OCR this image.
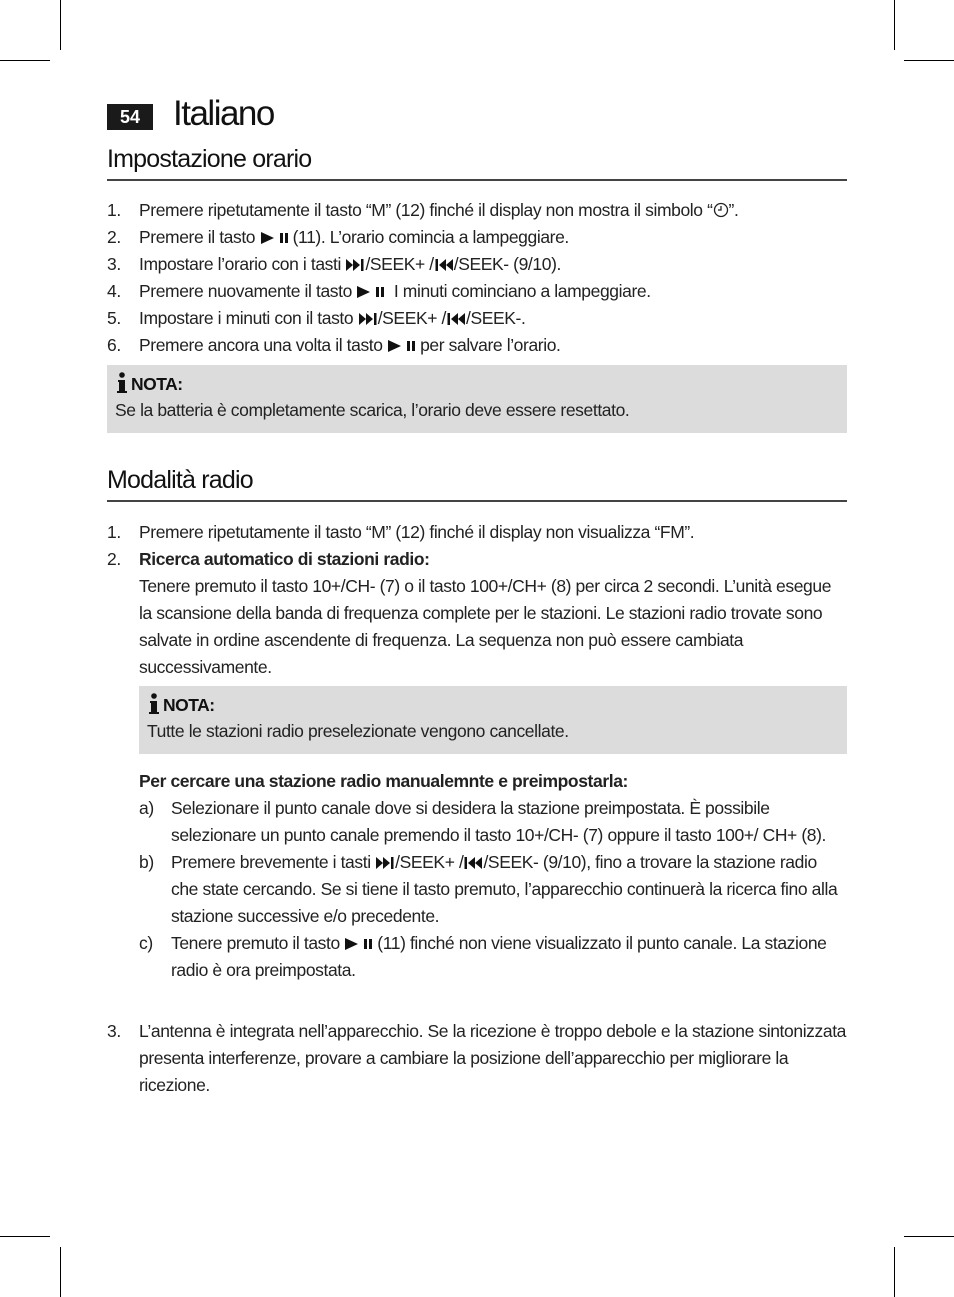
54 Italiano
Impostazione orario
1. Premere ripetutamente il tasto “M” (12) finché il display non mostra il simbolo “ ”.
2. Premere il tasto (11). L’orario comincia a lampeggiare.
3. Impostare l’orario con i tasti /SEEK+ / /SEEK- (9/10).
4. Premere nuovamente il tasto  I minuti cominciano a lampeggiare.
5. Impostare i minuti con il tasto /SEEK+ / /SEEK-.
6. Premere ancora una volta il tasto per salvare l’orario.
NOTA:
Se la batteria è completamente scarica, l’orario deve essere resettato.
Modalità radio
1. Premere ripetutamente il tasto “M” (12) finché il display non visualizza “FM”.
2. Ricerca automatico di stazioni radio:
Tenere premuto il tasto 10+/CH- (7) o il tasto 100+/CH+ (8) per circa 2 secondi. L’unità esegue la scansione della banda di frequenza complete per le stazioni. Le stazioni radio trovate sono salvate in ordine ascendente di frequenza. La sequenza non può essere cambiata successivamente.
NOTA:
Tutte le stazioni radio preselezionate vengono cancellate.
Per cercare una stazione radio manualemnte e preimpostarla:
a) Selezionare il punto canale dove si desidera la stazione preimpostata. È possibile selezionare un punto canale premendo il tasto 10+/CH- (7) oppure il tasto 100+/ CH+ (8).
b) Premere brevemente i tasti /SEEK+ / /SEEK- (9/10), fino a trovare la stazione radio che state cercando. Se si tiene il tasto premuto, l’apparecchio continuerà la ricerca fino alla stazione successive e/o precedente.
c) Tenere premuto il tasto (11) finché non viene visualizzato il punto canale. La stazione radio è ora preimpostata.
3. L’antenna è integrata nell’apparecchio. Se la ricezione è troppo debole e la stazione sintonizzata presenta interferenze, provare a cambiare la posizione dell’apparecchio per migliorare la ricezione.
